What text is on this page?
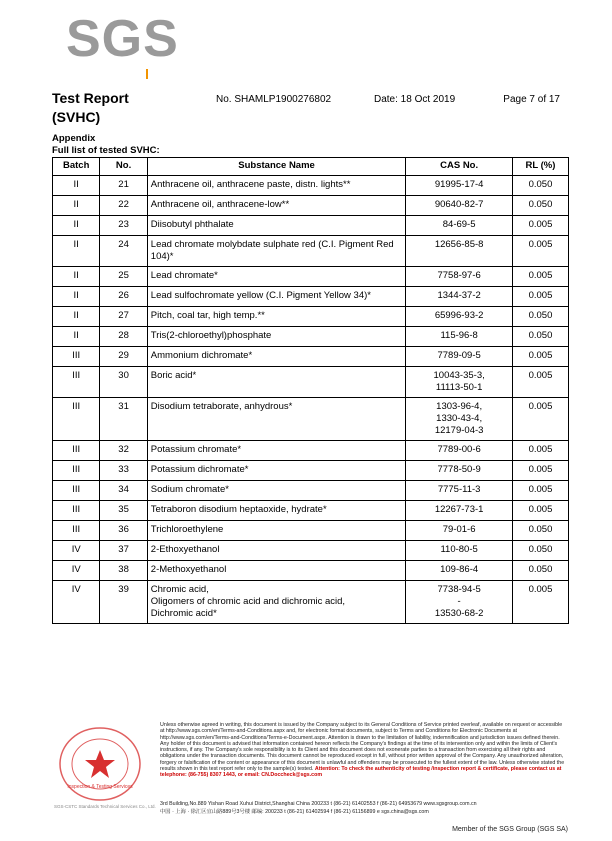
SGS
Test Report	No. SHAMLP1900276802	Date: 18 Oct 2019	Page 7 of 17
(SVHC)
Appendix
Full list of tested SVHC:
Batch	No.	Substance Name	CAS No.	RL (%)
II	21	Anthracene oil, anthracene paste, distn. lights**	91995-17-4	0.050
II	22	Anthracene oil, anthracene-low**	90640-82-7	0.050
II	23	Diisobutyl phthalate	84-69-5	0.005
II	24	Lead chromate molybdate sulphate red (C.I. Pigment Red 104)*	12656-85-8	0.005
II	25	Lead chromate*	7758-97-6	0.005
II	26	Lead sulfochromate yellow (C.I. Pigment Yellow 34)*	1344-37-2	0.005
II	27	Pitch, coal tar, high temp.**	65996-93-2	0.050
II	28	Tris(2-chloroethyl)phosphate	115-96-8	0.050
III	29	Ammonium dichromate*	7789-09-5	0.005
III	30	Boric acid*	10043-35-3,
11113-50-1	0.005
III	31	Disodium tetraborate, anhydrous*	1303-96-4,
1330-43-4,
12179-04-3	0.005
III	32	Potassium chromate*	7789-00-6	0.005
III	33	Potassium dichromate*	7778-50-9	0.005
III	34	Sodium chromate*	7775-11-3	0.005
III	35	Tetraboron disodium heptaoxide, hydrate*	12267-73-1	0.005
III	36	Trichloroethylene	79-01-6	0.050
IV	37	2-Ethoxyethanol	110-80-5	0.050
IV	38	2-Methoxyethanol	109-86-4	0.050
IV	39	Chromic acid,
Oligomers of chromic acid and dichromic acid,
Dichromic acid*	7738-94-5
-
13530-68-2	0.005
Inspection & Testing Services
SGS-CSTC Standards Technical Services Co., Ltd.
Unless otherwise agreed in writing, this document is issued by the Company subject to its General Conditions of Service printed overleaf, available on request or accessible at http://www.sgs.com/en/Terms-and-Conditions.aspx and, for electronic format documents, subject to Terms and Conditions for Electronic Documents at http://www.sgs.com/en/Terms-and-Conditions/Terms-e-Document.aspx. Attention is drawn to the limitation of liability, indemnification and jurisdiction issues defined therein. Any holder of this document is advised that information contained hereon reflects the Company's findings at the time of its intervention only and within the limits of Client's instructions, if any. The Company's sole responsibility is to its Client and this document does not exonerate parties to a transaction from exercising all their rights and obligations under the transaction documents. This document cannot be reproduced except in full, without prior written approval of the Company. Any unauthorized alteration, forgery or falsification of the content or appearance of this document is unlawful and offenders may be prosecuted to the fullest extent of the law. Unless otherwise stated the results shown in this test report refer only to the sample(s) tested. Attention: To check the authenticity of testing /inspection report & certificate, please contact us at telephone: (86-755) 8307 1443, or email: CN.Doccheck@sgs.com
3rd Building,No.889 Yishan Road Xuhui District,Shanghai China 200233 t (86-21) 61402553 f (86-21) 64953679 www.sgsgroup.com.cn
中国 · 上海 · 徐汇区宜山路889号3号楼 邮编: 200233 t (86-21) 61402594 f (86-21) 61156899 e sgs.china@sgs.com
Member of the SGS Group (SGS SA)
